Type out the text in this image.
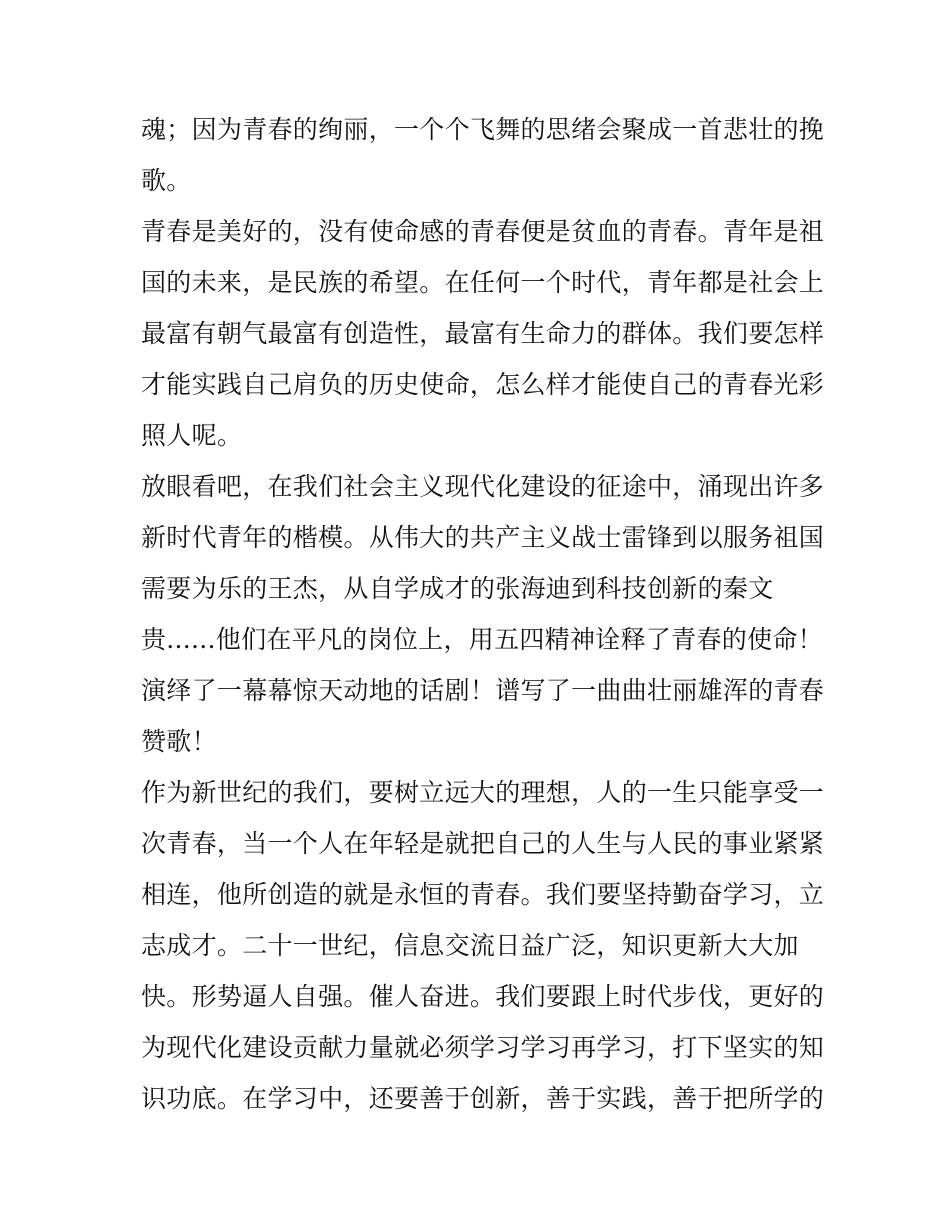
魂；因为青春的绚丽，一个个飞舞的思绪会聚成一首悲壮的挽
歌。
青春是美好的，没有使命感的青春便是贫血的青春。青年是祖
国的未来，是民族的希望。在任何一个时代，青年都是社会上
最富有朝气最富有创造性，最富有生命力的群体。我们要怎样
才能实践自己肩负的历史使命，怎么样才能使自己的青春光彩
照人呢。
放眼看吧，在我们社会主义现代化建设的征途中，涌现出许多
新时代青年的楷模。从伟大的共产主义战士雷锋到以服务祖国
需要为乐的王杰，从自学成才的张海迪到科技创新的秦文
贵......他们在平凡的岗位上，用五四精神诠释了青春的使命！
演绎了一幕幕惊天动地的话剧！谱写了一曲曲壮丽雄浑的青春
赞歌！
作为新世纪的我们，要树立远大的理想，人的一生只能享受一
次青春，当一个人在年轻是就把自己的人生与人民的事业紧紧
相连，他所创造的就是永恒的青春。我们要坚持勤奋学习，立
志成才。二十一世纪，信息交流日益广泛，知识更新大大加
快。形势逼人自强。催人奋进。我们要跟上时代步伐，更好的
为现代化建设贡献力量就必须学习学习再学习，打下坚实的知
识功底。在学习中，还要善于创新，善于实践，善于把所学的
